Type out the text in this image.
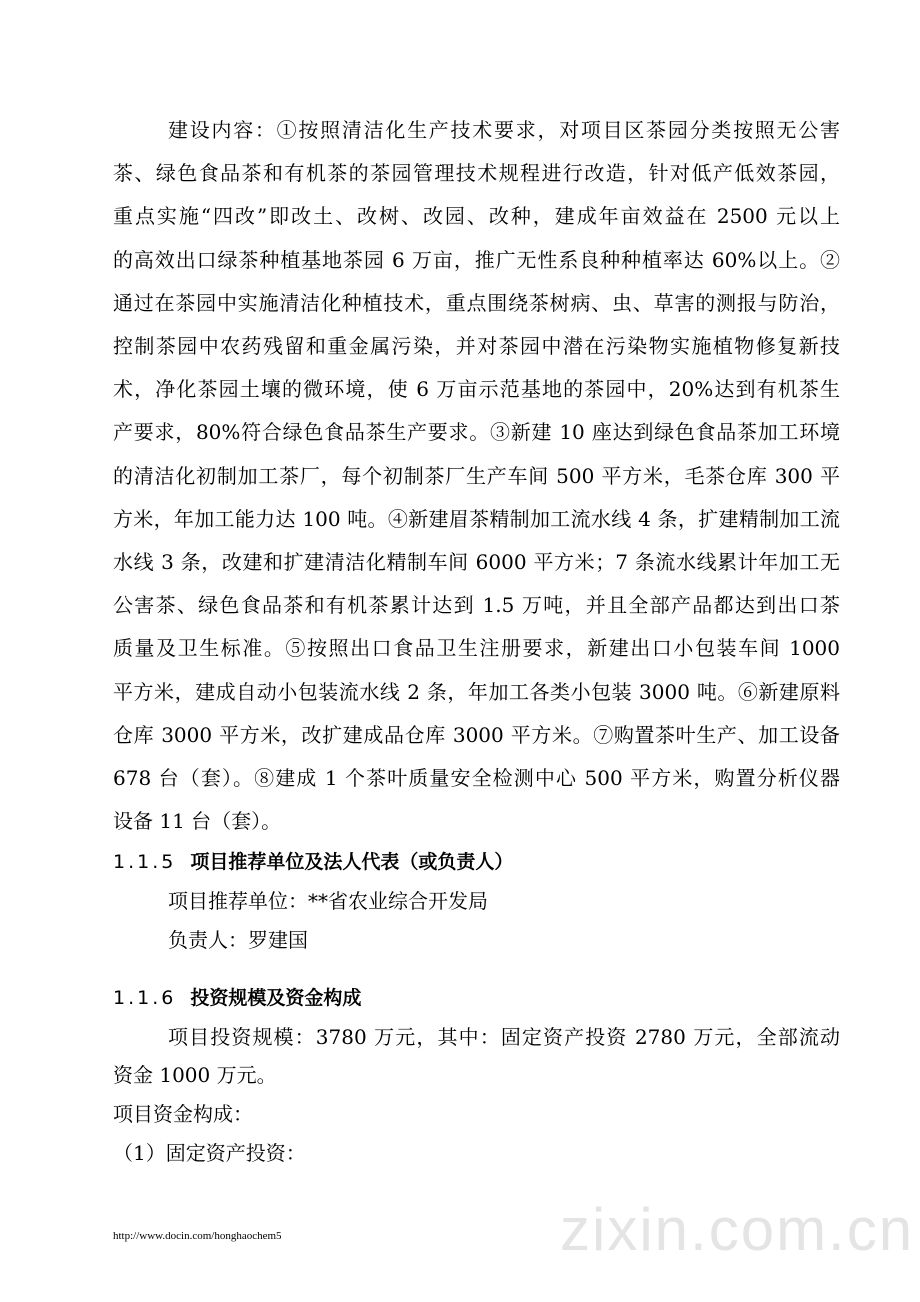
zixin.com.cn
建设内容：①按照清洁化生产技术要求，对项目区茶园分类按照无公害
茶、绿色食品茶和有机茶的茶园管理技术规程进行改造，针对低产低效茶园，
重点实施“四改”即改土、改树、改园、改种，建成年亩效益在 2500 元以上
的高效出口绿茶种植基地茶园 6 万亩，推广无性系良种种植率达 60%以上。②
通过在茶园中实施清洁化种植技术，重点围绕茶树病、虫、草害的测报与防治，
控制茶园中农药残留和重金属污染，并对茶园中潜在污染物实施植物修复新技
术，净化茶园土壤的微环境，使 6 万亩示范基地的茶园中，20%达到有机茶生
产要求，80%符合绿色食品茶生产要求。③新建 10 座达到绿色食品茶加工环境
的清洁化初制加工茶厂，每个初制茶厂生产车间 500 平方米，毛茶仓库 300 平
方米，年加工能力达 100 吨。④新建眉茶精制加工流水线 4 条，扩建精制加工流
水线 3 条，改建和扩建清洁化精制车间 6000 平方米；7 条流水线累计年加工无
公害茶、绿色食品茶和有机茶累计达到 1.5 万吨，并且全部产品都达到出口茶
质量及卫生标准。⑤按照出口食品卫生注册要求，新建出口小包装车间 1000
平方米，建成自动小包装流水线 2 条，年加工各类小包装 3000 吨。⑥新建原料
仓库 3000 平方米，改扩建成品仓库 3000 平方米。⑦购置茶叶生产、加工设备
678 台（套）。⑧建成 1 个茶叶质量安全检测中心 500 平方米，购置分析仪器
设备 11 台（套）。
1.1.5 项目推荐单位及法人代表（或负责人）
项目推荐单位：**省农业综合开发局
负责人：罗建国
1.1.6 投资规模及资金构成
项目投资规模：3780 万元，其中：固定资产投资 2780 万元，全部流动
资金 1000 万元。
项目资金构成：
（1）固定资产投资：
http://www.docin.com/honghaochem5
